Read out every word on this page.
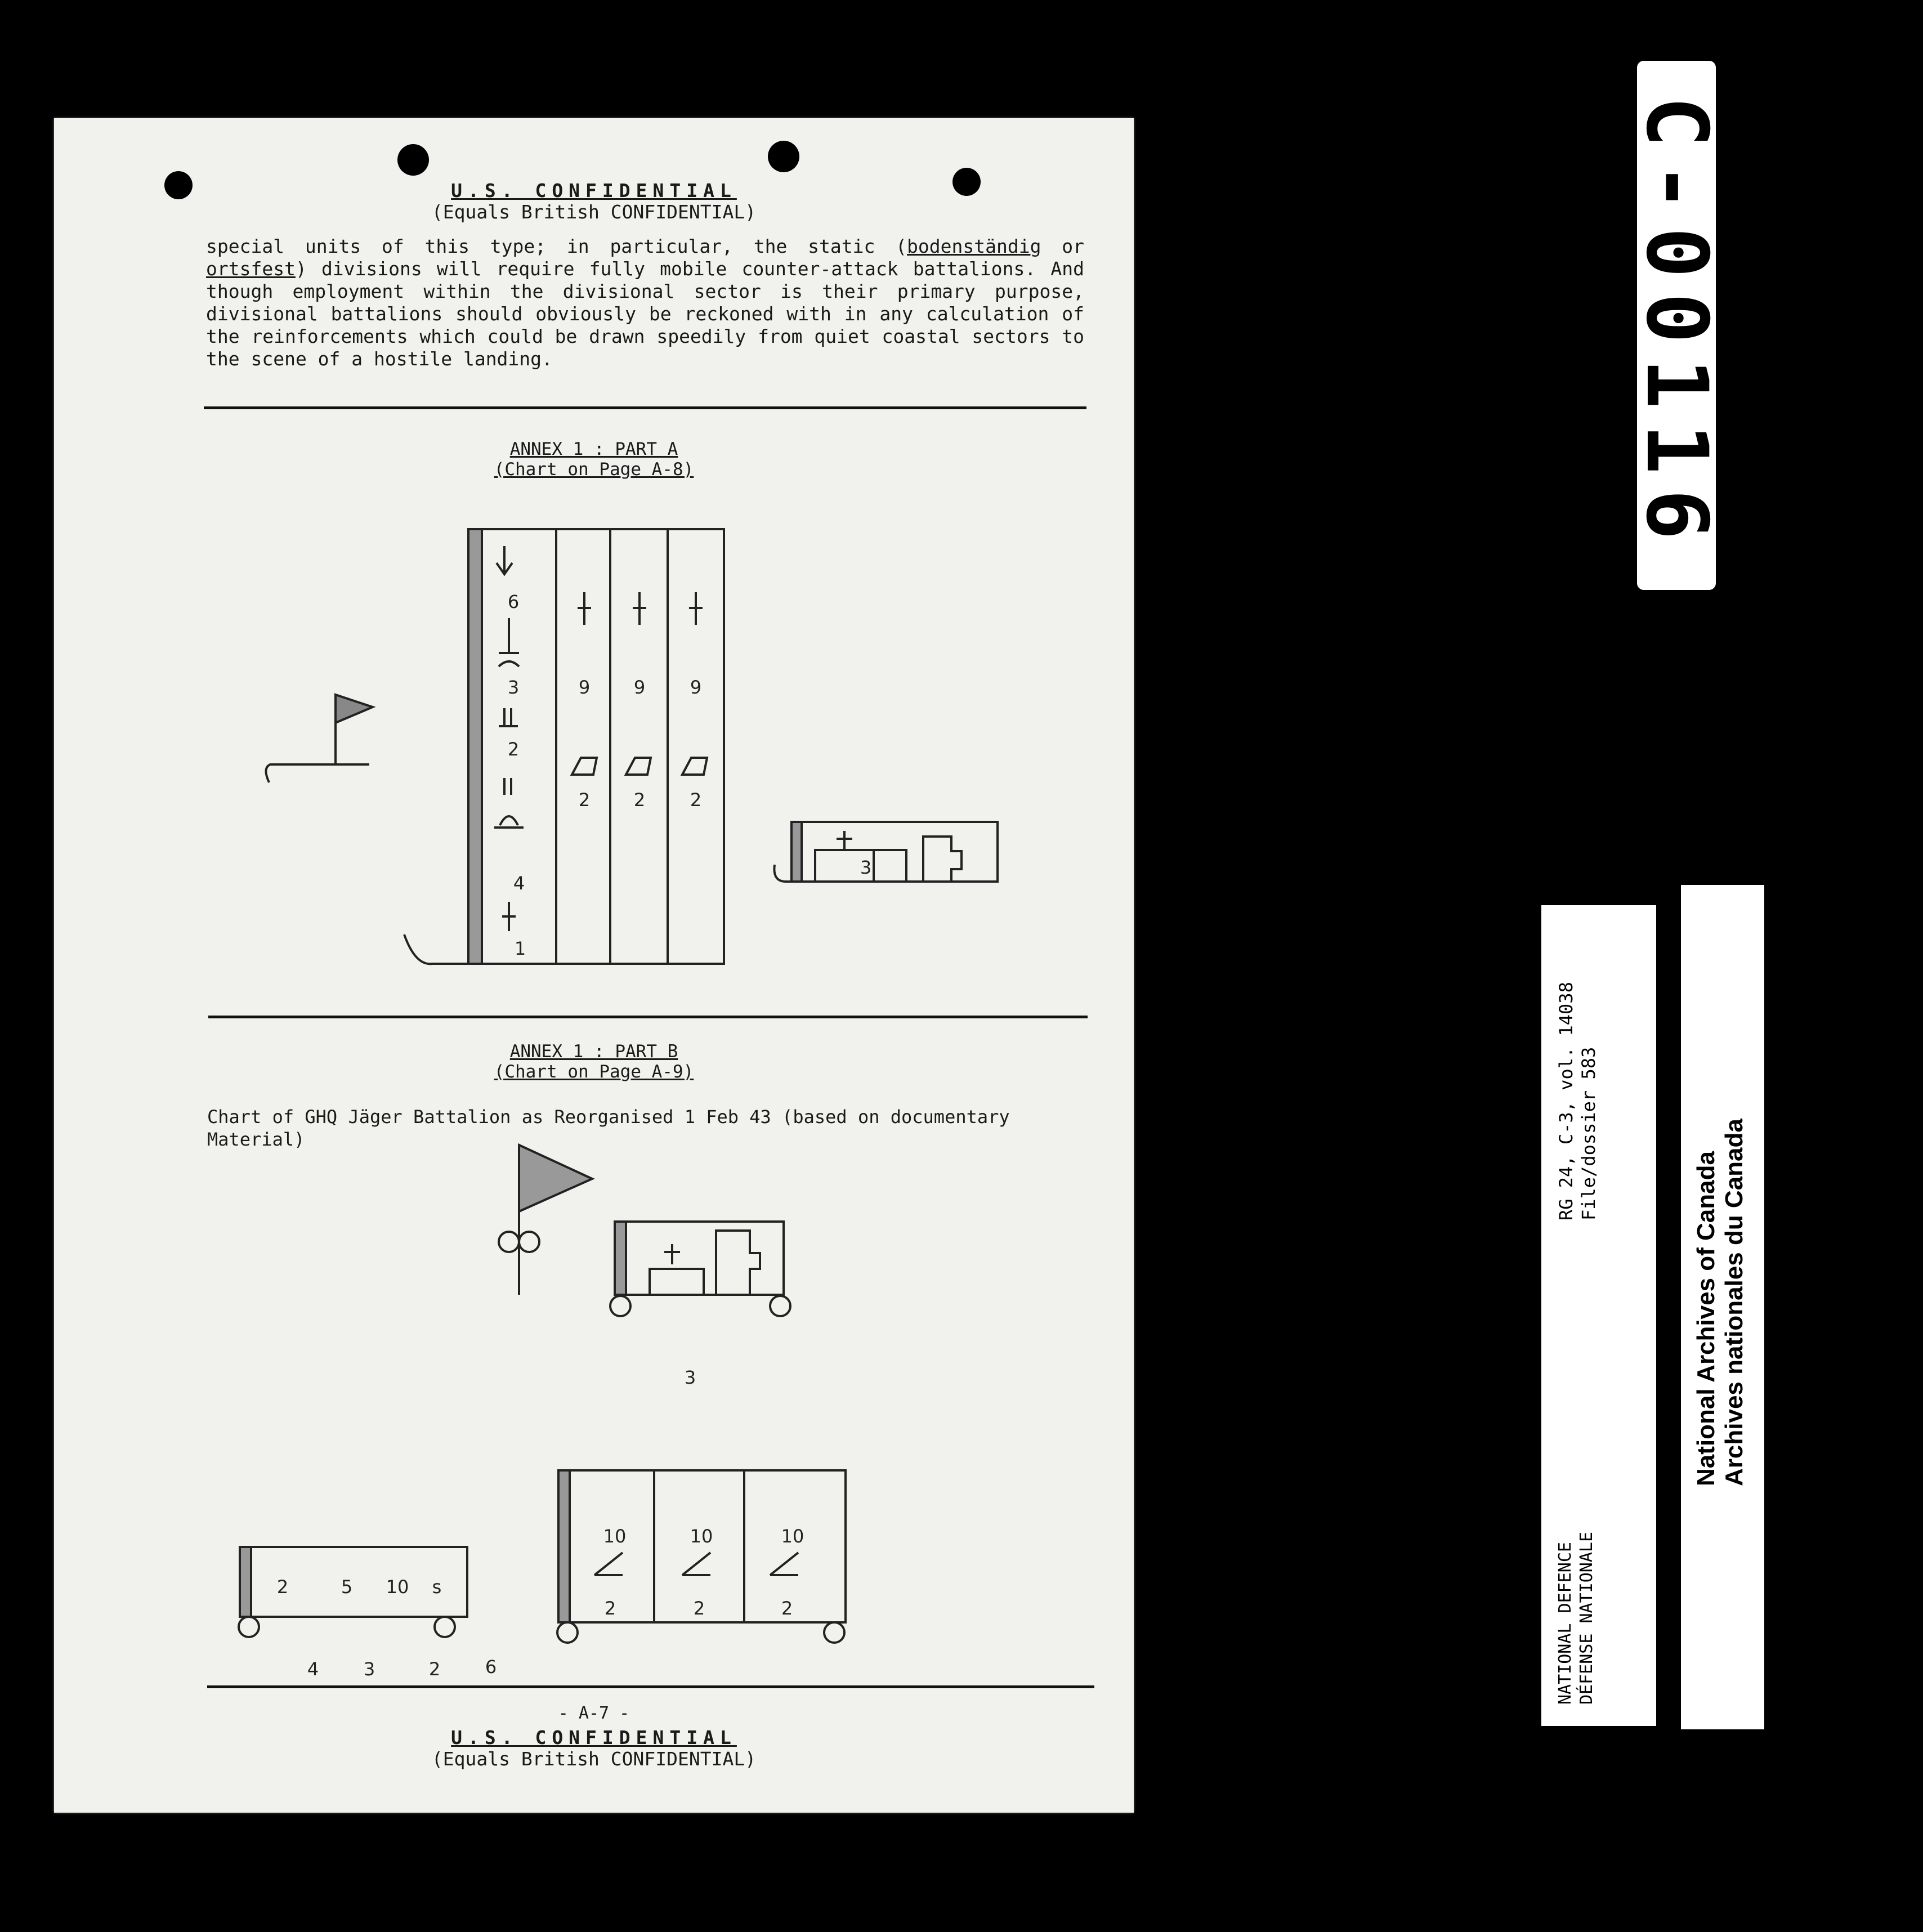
U.S. CONFIDENTIAL
(Equals British CONFIDENTIAL)
special units of this type; in particular, the static (bodenständig or ortsfest) divisions will require fully mobile counter-attack battalions. And though employment within the divisional sector is their primary purpose, divisional battalions should obviously be reckoned with in any calculation of the reinforcements which could be drawn speedily from quiet coastal sectors to the scene of a hostile landing.
ANNEX 1 : PART A
(Chart on Page A-8)
ANNEX 1 : PART B
(Chart on Page A-9)
Chart of GHQ Jäger Battalion as Reorganised 1 Feb 43 (based on documentary Material)
6
3
2
4
1
9 9 9
2 2 2
3
3
10	10	10
2	2	2
2	5 10 s
4 3	2 6
- A-7 -
U.S. CONFIDENTIAL
(Equals British CONFIDENTIAL)
C-00116
RG 24, C-3, vol. 14038 File/dossier 583
NATIONAL DEFENCE DÉFENSE NATIONALE
National Archives of Canada Archives nationales du Canada
